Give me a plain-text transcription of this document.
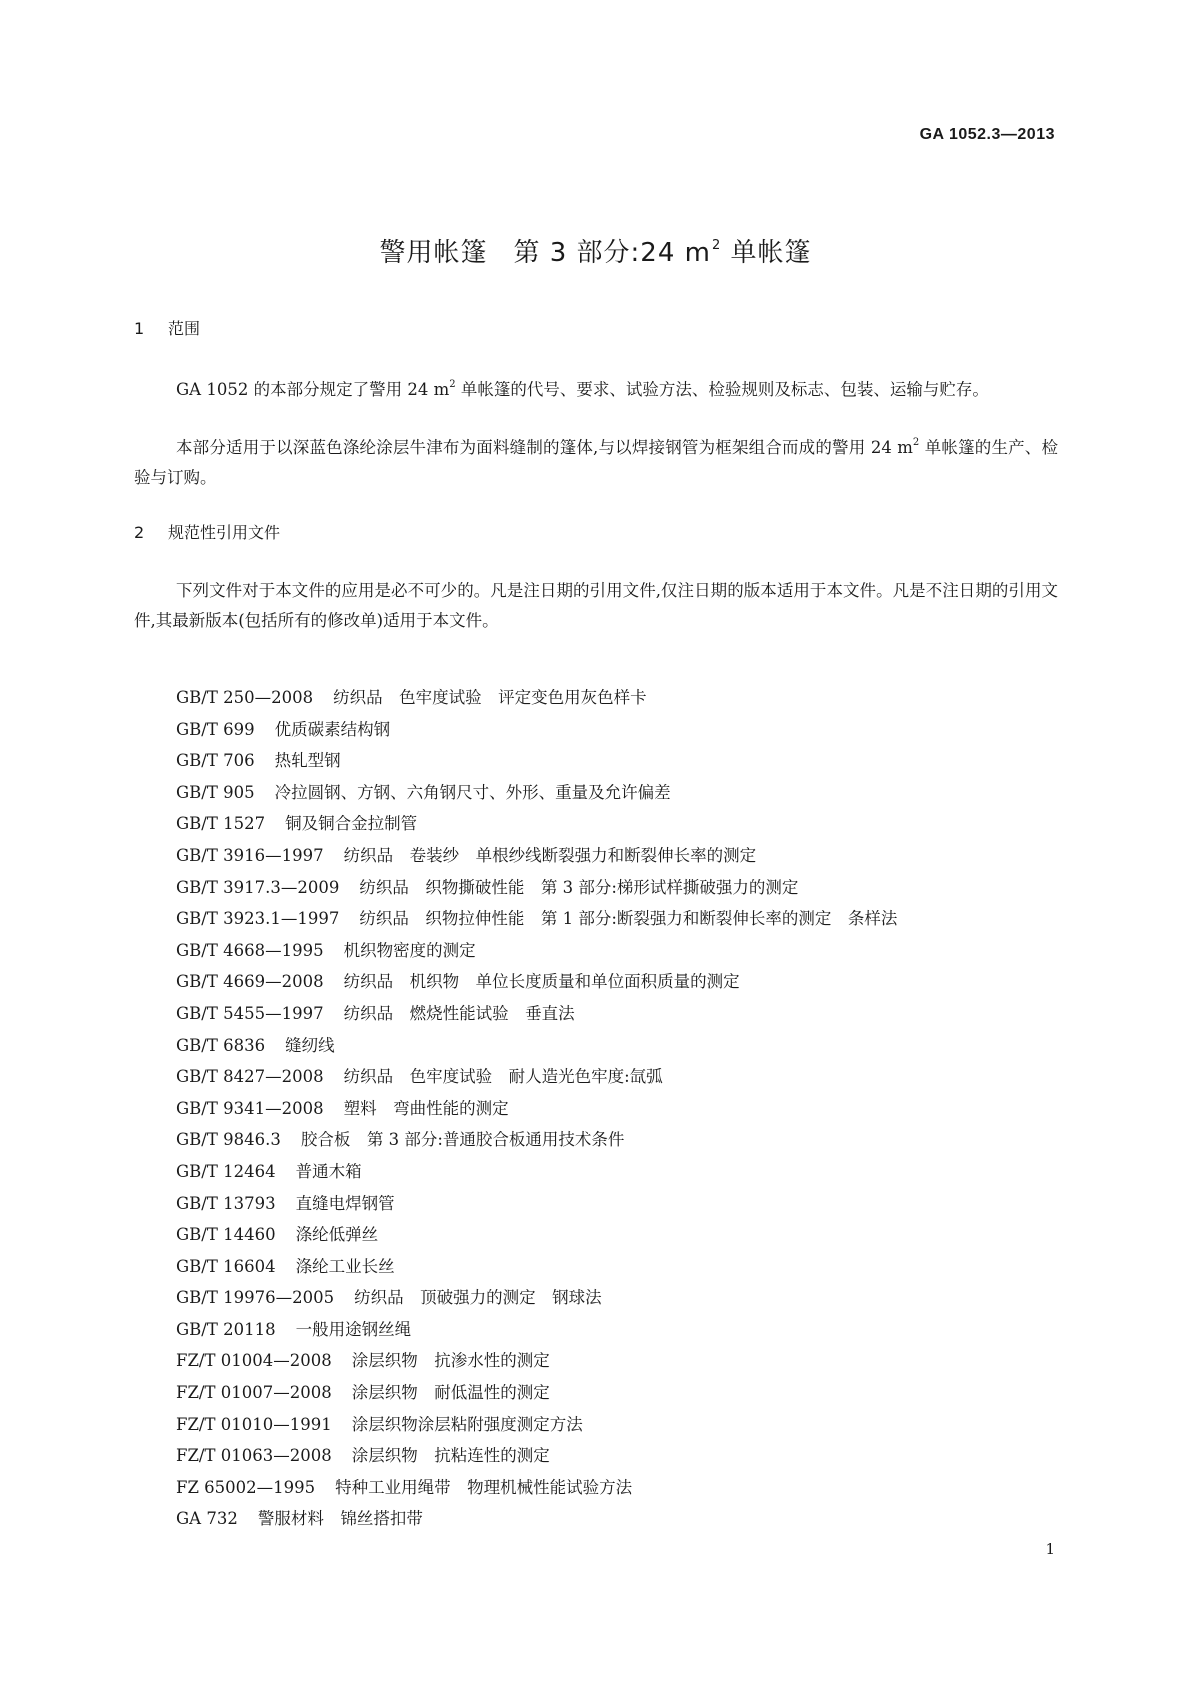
GA 1052.3—2013
警用帐篷 第 3 部分:24 $m^2$ 单帐篷
1 范围

GA 1052 的本部分规定了警用 24 $m^2$ 单帐篷的代号、要求、试验方法、检验规则及标志、包装、运输与贮存。

本部分适用于以深蓝色涤纶涂层牛津布为面料缝制的篷体,与以焊接钢管为框架组合而成的警用 24 $m^2$ 单帐篷的生产、检验与订购。

2 规范性引用文件

下列文件对于本文件的应用是必不可少的。凡是注日期的引用文件,仅注日期的版本适用于本文件。凡是不注日期的引用文件,其最新版本(包括所有的修改单)适用于本文件。

GB/T 250—2008 纺织品　色牢度试验　评定变色用灰色样卡
GB/T 699 优质碳素结构钢
GB/T 706 热轧型钢
GB/T 905 冷拉圆钢、方钢、六角钢尺寸、外形、重量及允许偏差
GB/T 1527 铜及铜合金拉制管
GB/T 3916—1997 纺织品　卷装纱　单根纱线断裂强力和断裂伸长率的测定
GB/T 3917.3—2009 纺织品　织物撕破性能　第 3 部分:梯形试样撕破强力的测定
GB/T 3923.1—1997 纺织品　织物拉伸性能　第 1 部分:断裂强力和断裂伸长率的测定　条样法
GB/T 4668—1995 机织物密度的测定
GB/T 4669—2008 纺织品　机织物　单位长度质量和单位面积质量的测定
GB/T 5455—1997 纺织品　燃烧性能试验　垂直法
GB/T 6836 缝纫线
GB/T 8427—2008 纺织品　色牢度试验　耐人造光色牢度:氙弧
GB/T 9341—2008 塑料　弯曲性能的测定
GB/T 9846.3 胶合板　第 3 部分:普通胶合板通用技术条件
GB/T 12464 普通木箱
GB/T 13793 直缝电焊钢管
GB/T 14460 涤纶低弹丝
GB/T 16604 涤纶工业长丝
GB/T 19976—2005 纺织品　顶破强力的测定　钢球法
GB/T 20118 一般用途钢丝绳
FZ/T 01004—2008 涂层织物　抗渗水性的测定
FZ/T 01007—2008 涂层织物　耐低温性的测定
FZ/T 01010—1991 涂层织物涂层粘附强度测定方法
FZ/T 01063—2008 涂层织物　抗粘连性的测定
FZ 65002—1995 特种工业用绳带　物理机械性能试验方法
GA 732 警服材料　锦丝搭扣带
1
